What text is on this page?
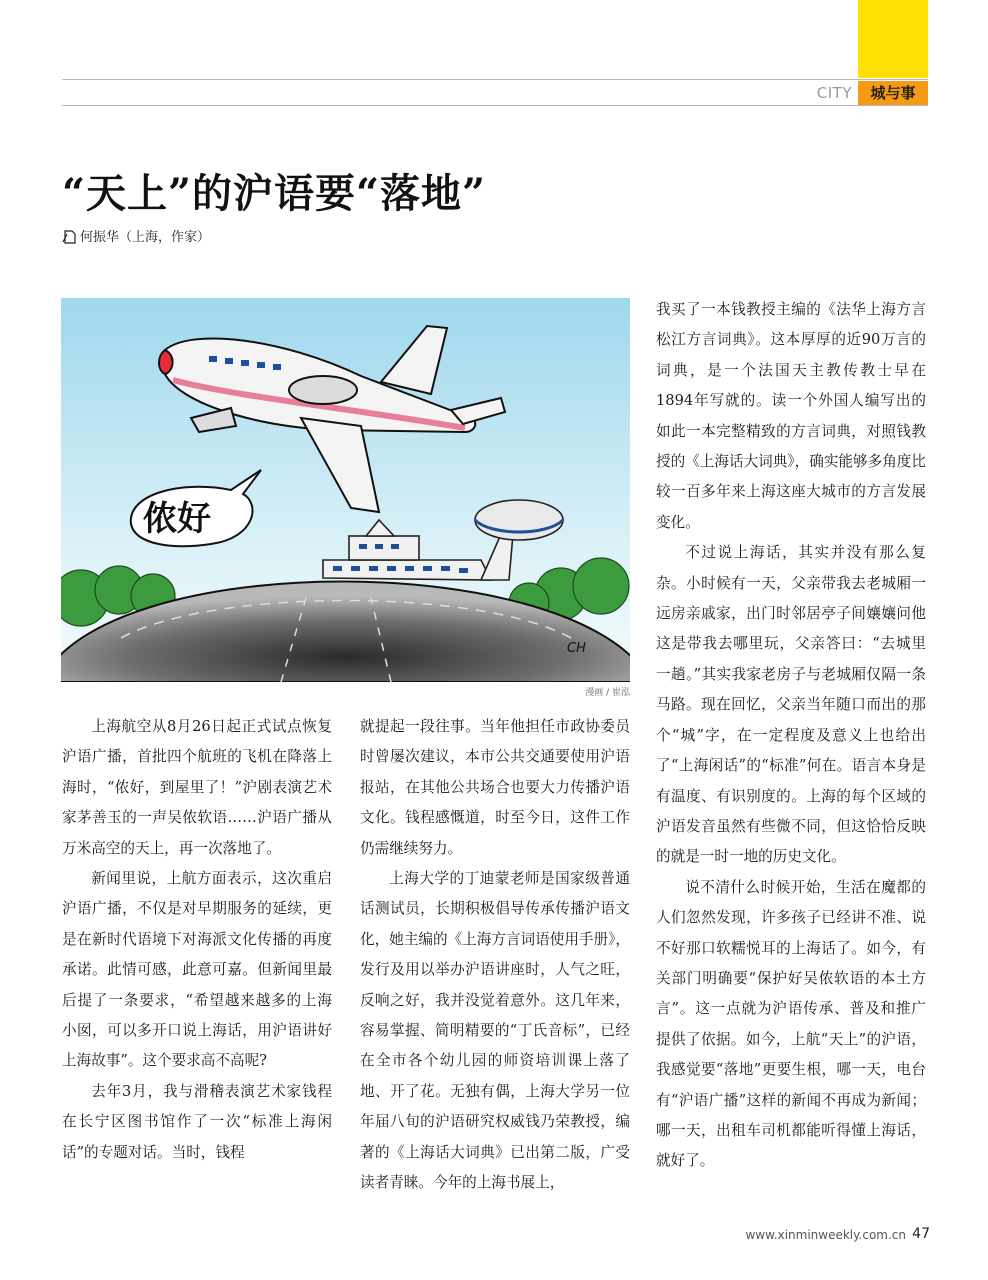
CITY	城与事
“天上”的沪语要“落地”
何振华（上海，作家）
侬好
CH
漫画 / 崔泓

上海航空从8月26日起正式试点恢复沪语广播，首批四个航班的飞机在降落上海时，“侬好，到屋里了！”沪剧表演艺术家茅善玉的一声吴侬软语……沪语广播从万米高空的天上，再一次落地了。

新闻里说，上航方面表示，这次重启沪语广播，不仅是对早期服务的延续，更是在新时代语境下对海派文化传播的再度承诺。此情可感，此意可嘉。但新闻里最后提了一条要求，“希望越来越多的上海小囡，可以多开口说上海话，用沪语讲好上海故事”。这个要求高不高呢?

去年3月，我与滑稽表演艺术家钱程在长宁区图书馆作了一次“标准上海闲话”的专题对话。当时，钱程

就提起一段往事。当年他担任市政协委员时曾屡次建议，本市公共交通要使用沪语报站，在其他公共场合也要大力传播沪语文化。钱程感慨道，时至今日，这件工作仍需继续努力。

上海大学的丁迪蒙老师是国家级普通话测试员，长期积极倡导传承传播沪语文化，她主编的《上海方言词语使用手册》，发行及用以举办沪语讲座时，人气之旺，反响之好，我并没觉着意外。这几年来，容易掌握、简明精要的“丁氏音标”，已经在全市各个幼儿园的师资培训课上落了地、开了花。无独有偶，上海大学另一位年届八旬的沪语研究权威钱乃荣教授，编著的《上海话大词典》已出第二版，广受读者青睐。今年的上海书展上，

我买了一本钱教授主编的《法华上海方言松江方言词典》。这本厚厚的近90万言的词典，是一个法国天主教传教士早在1894年写就的。读一个外国人编写出的如此一本完整精致的方言词典，对照钱教授的《上海话大词典》，确实能够多角度比较一百多年来上海这座大城市的方言发展变化。

不过说上海话，其实并没有那么复杂。小时候有一天，父亲带我去老城厢一远房亲戚家，出门时邻居亭子间孃孃问他这是带我去哪里玩，父亲答曰：“去城里一趟。”其实我家老房子与老城厢仅隔一条马路。现在回忆，父亲当年随口而出的那个“城”字，在一定程度及意义上也给出了“上海闲话”的“标准”何在。语言本身是有温度、有识别度的。上海的每个区域的沪语发音虽然有些微不同，但这恰恰反映的就是一时一地的历史文化。

说不清什么时候开始，生活在魔都的人们忽然发现，许多孩子已经讲不准、说不好那口软糯悦耳的上海话了。如今，有关部门明确要“保护好吴侬软语的本土方言”。这一点就为沪语传承、普及和推广提供了依据。如今，上航“天上”的沪语，我感觉要“落地”更要生根，哪一天，电台有“沪语广播”这样的新闻不再成为新闻；哪一天，出租车司机都能听得懂上海话，就好了。

www.xinminweekly.com.cn 47
